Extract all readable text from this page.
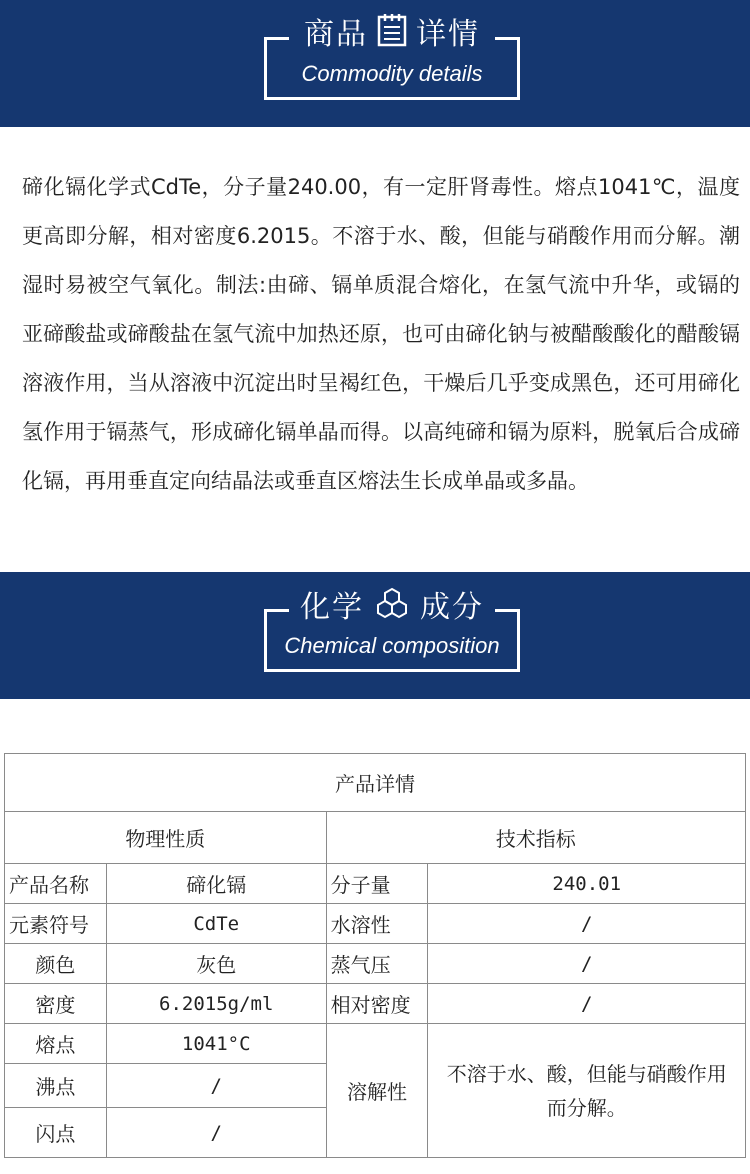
商品 详情
Commodity details
碲化镉化学式CdTe，分子量240.00，有一定肝肾毒性。熔点1041℃，温度更高即分解，相对密度6.2015。不溶于水、酸，但能与硝酸作用而分解。潮湿时易被空气氧化。制法:由碲、镉单质混合熔化，在氢气流中升华，或镉的亚碲酸盐或碲酸盐在氢气流中加热还原，也可由碲化钠与被醋酸酸化的醋酸镉溶液作用，当从溶液中沉淀出时呈褐红色，干燥后几乎变成黑色，还可用碲化氢作用于镉蒸气，形成碲化镉单晶而得。以高纯碲和镉为原料，脱氧后合成碲化镉，再用垂直定向结晶法或垂直区熔法生长成单晶或多晶。
化学 成分
Chemical composition
产品详情			
物理性质		技术指标	
产品名称	碲化镉	分子量	240.01
元素符号	CdTe	水溶性	/
颜色	灰色	蒸气压	/
密度	6.2015g/ml	相对密度	/
熔点	1041°C	溶解性	不溶于水、酸，但能与硝酸作用而分解。
沸点	/		
闪点	/		
